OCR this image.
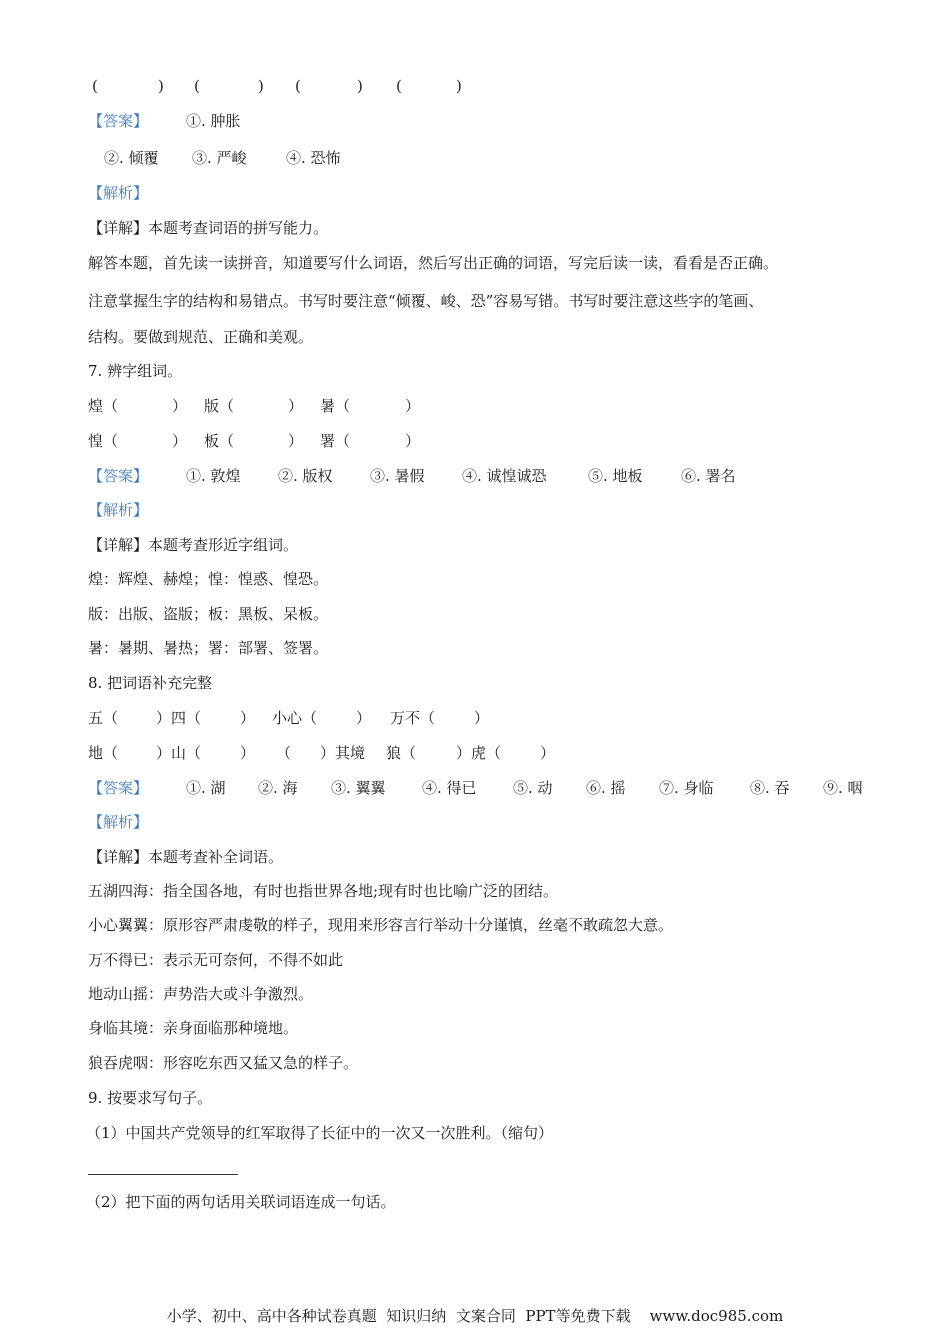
(	) (	) (	) (	)
【答案】	①. 肿胀
②. 倾覆 ③. 严峻	④. 恐怖
【解析】
【详解】本题考查词语的拼写能力。
解答本题，首先读一读拼音，知道要写什么词语，然后写出正确的词语，写完后读一读，看看是否正确。
注意掌握生字的结构和易错点。书写时要注意“倾覆、峻、恐”容易写错。书写时要注意这些字的笔画、
结构。要做到规范、正确和美观。
7. 辨字组词。
煌（	） 版（	） 暑（	）
惶（	） 板（	） 署（	）
【答案】	①. 敦煌 ②. 版权 ③. 暑假 ④. 诚惶诚恐	⑤. 地板	⑥. 署名
【解析】
【详解】本题考查形近字组词。
煌：辉煌、赫煌；惶：惶惑、惶恐。
版：出版、盗版；板：黑板、呆板。
暑：暑期、暑热；署：部署、签署。
8. 把词语补充完整
五（	）四（	） 小心（	） 万不（	）
地（	）山（	） （ ）其境 狼（	）虎（	）
【答案】	①. 湖 ②. 海 ③. 翼翼 ④. 得已 ⑤. 动 ⑥. 摇 ⑦. 身临 ⑧. 吞 ⑨. 咽
【解析】
【详解】本题考查补全词语。
五湖四海：指全国各地，有时也指世界各地;现有时也比喻广泛的团结。
小心翼翼：原形容严肃虔敬的样子，现用来形容言行举动十分谨慎，丝毫不敢疏忽大意。
万不得已：表示无可奈何，不得不如此
地动山摇：声势浩大或斗争激烈。
身临其境：亲身面临那种境地。
狼吞虎咽：形容吃东西又猛又急的样子。
9. 按要求写句子。
（1）中国共产党领导的红军取得了长征中的一次又一次胜利。（缩句）
（2）把下面的两句话用关联词语连成一句话。
小学、初中、高中各种试卷真题  知识归纳  文案合同  PPT等免费下载    www.doc985.com
